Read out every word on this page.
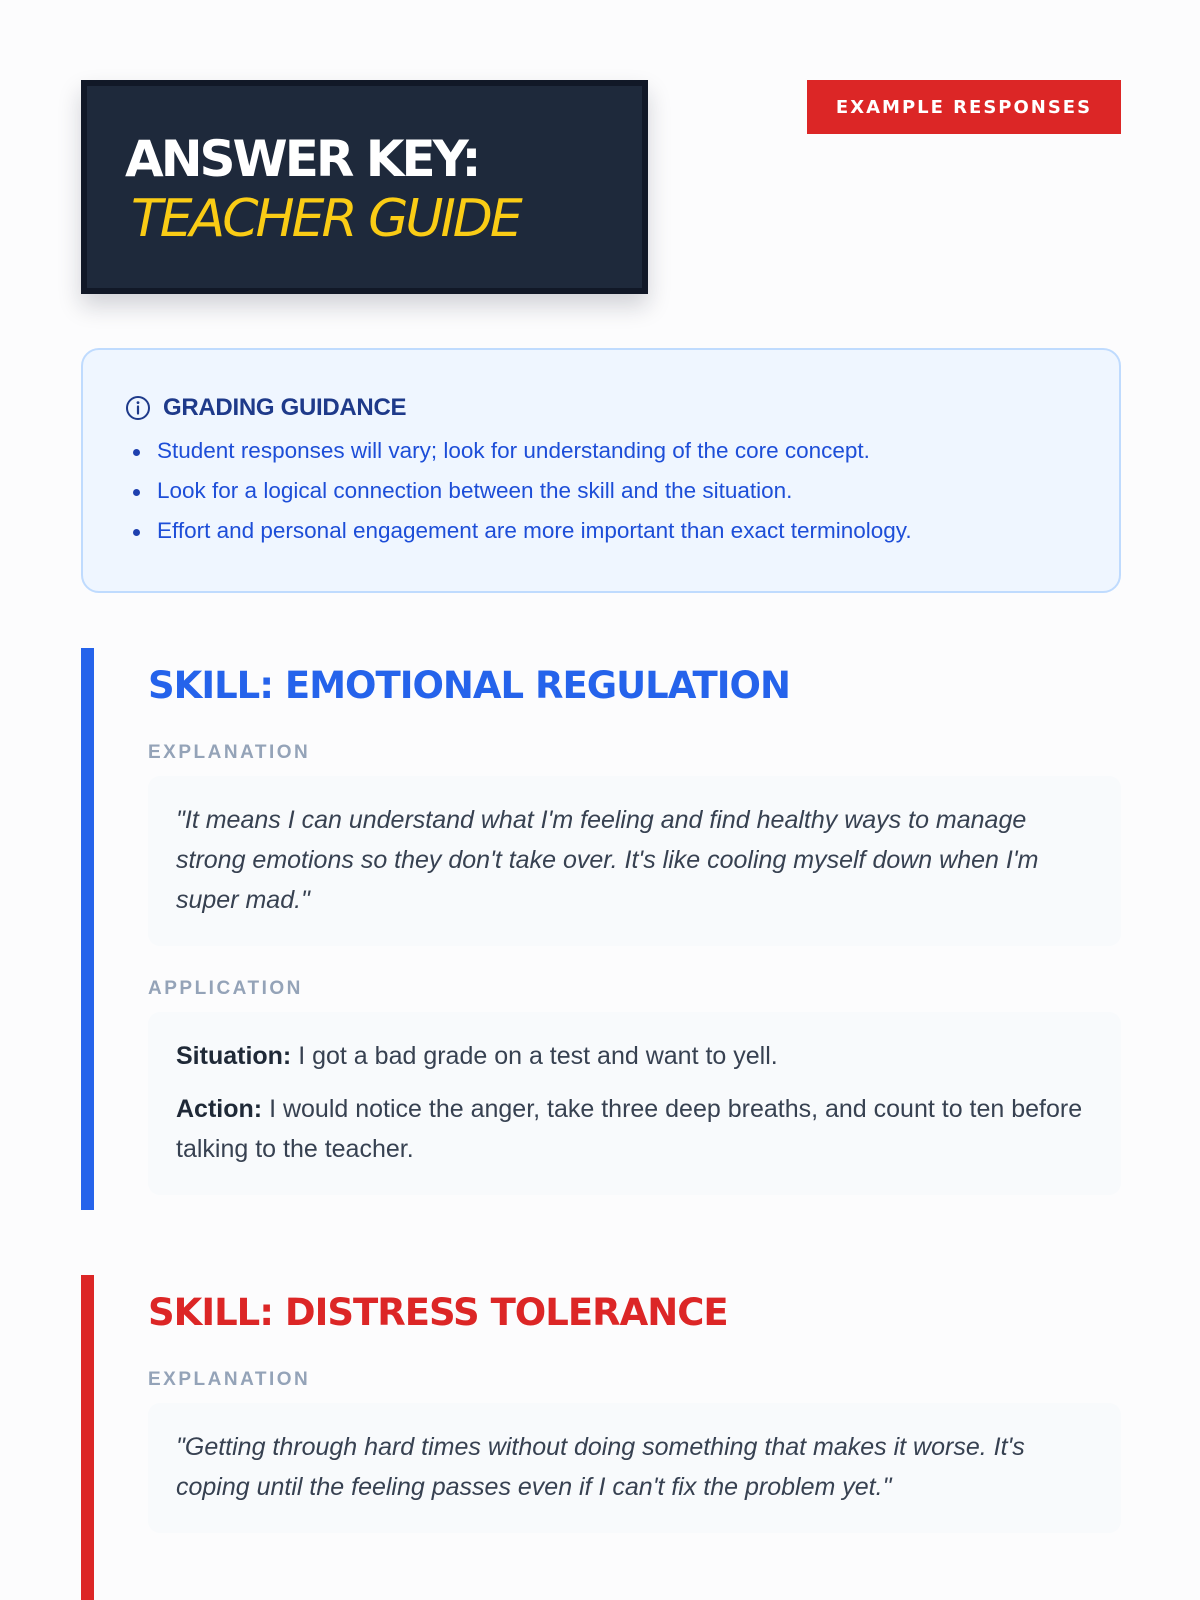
ANSWER KEY:
TEACHER GUIDE
EXAMPLE RESPONSES
GRADING GUIDANCE
Student responses will vary; look for understanding of the core concept.
Look for a logical connection between the skill and the situation.
Effort and personal engagement are more important than exact terminology.
SKILL: EMOTIONAL REGULATION
EXPLANATION
"It means I can understand what I'm feeling and find healthy ways to manage strong emotions so they don't take over. It's like cooling myself down when I'm super mad."
APPLICATION
Situation: I got a bad grade on a test and want to yell.
Action: I would notice the anger, take three deep breaths, and count to ten before talking to the teacher.
SKILL: DISTRESS TOLERANCE
EXPLANATION
"Getting through hard times without doing something that makes it worse. It's coping until the feeling passes even if I can't fix the problem yet."
